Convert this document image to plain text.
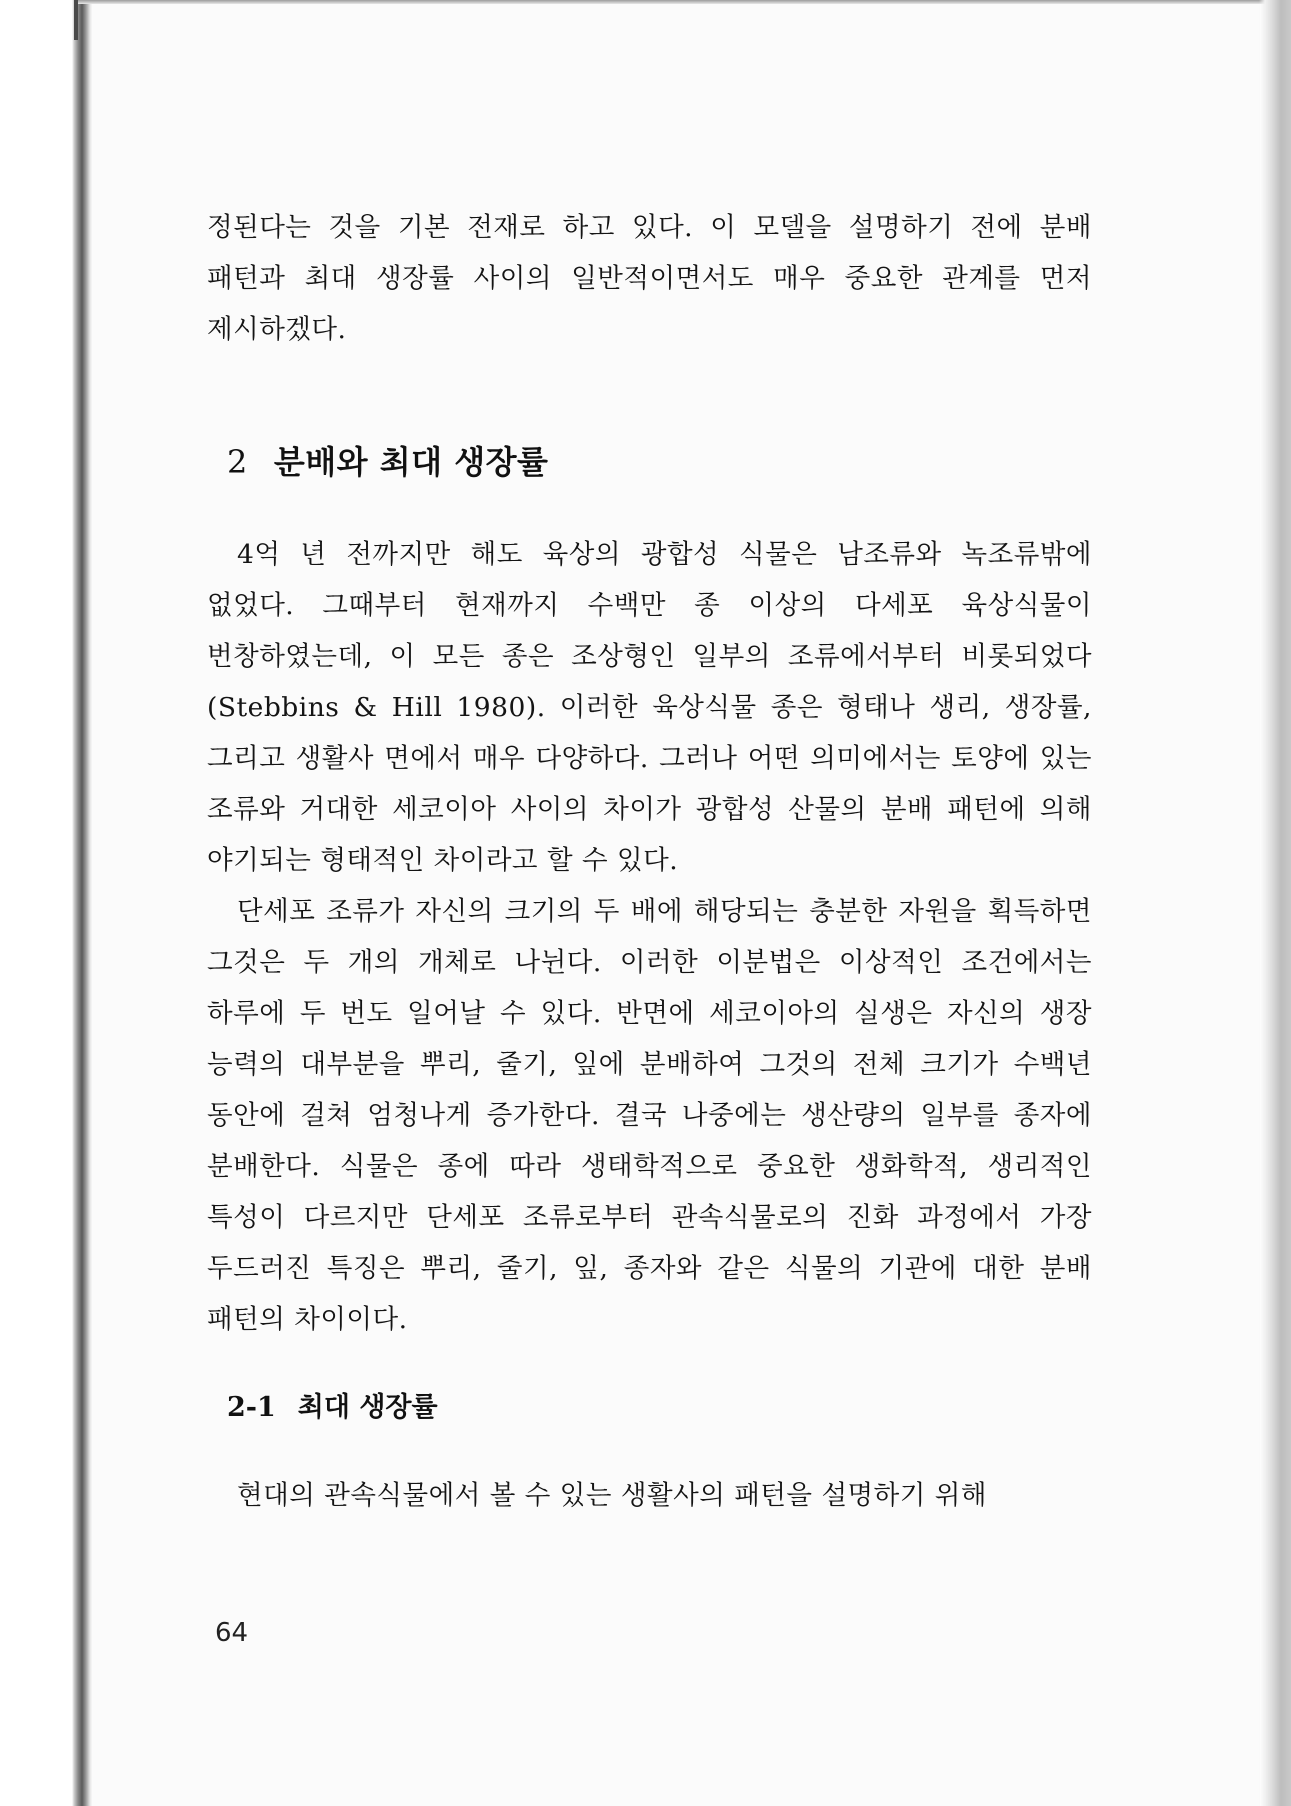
정된다는 것을 기본 전재로 하고 있다. 이 모델을 설명하기 전에 분배 패턴과 최대 생장률 사이의 일반적이면서도 매우 중요한 관계를 먼저 제시하겠다.

2 분배와 최대 생장률

4억 년 전까지만 해도 육상의 광합성 식물은 남조류와 녹조류밖에 없었다. 그때부터 현재까지 수백만 종 이상의 다세포 육상식물이 번창하였는데, 이 모든 종은 조상형인 일부의 조류에서부터 비롯되었다(Stebbins & Hill 1980). 이러한 육상식물 종은 형태나 생리, 생장률, 그리고 생활사 면에서 매우 다양하다. 그러나 어떤 의미에서는 토양에 있는 조류와 거대한 세코이아 사이의 차이가 광합성 산물의 분배 패턴에 의해 야기되는 형태적인 차이라고 할 수 있다.

단세포 조류가 자신의 크기의 두 배에 해당되는 충분한 자원을 획득하면 그것은 두 개의 개체로 나뉜다. 이러한 이분법은 이상적인 조건에서는 하루에 두 번도 일어날 수 있다. 반면에 세코이아의 실생은 자신의 생장 능력의 대부분을 뿌리, 줄기, 잎에 분배하여 그것의 전체 크기가 수백년 동안에 걸쳐 엄청나게 증가한다. 결국 나중에는 생산량의 일부를 종자에 분배한다. 식물은 종에 따라 생태학적으로 중요한 생화학적, 생리적인 특성이 다르지만 단세포 조류로부터 관속식물로의 진화 과정에서 가장 두드러진 특징은 뿌리, 줄기, 잎, 종자와 같은 식물의 기관에 대한 분배 패턴의 차이이다.

2-1 최대 생장률

현대의 관속식물에서 볼 수 있는 생활사의 패턴을 설명하기 위해

64
